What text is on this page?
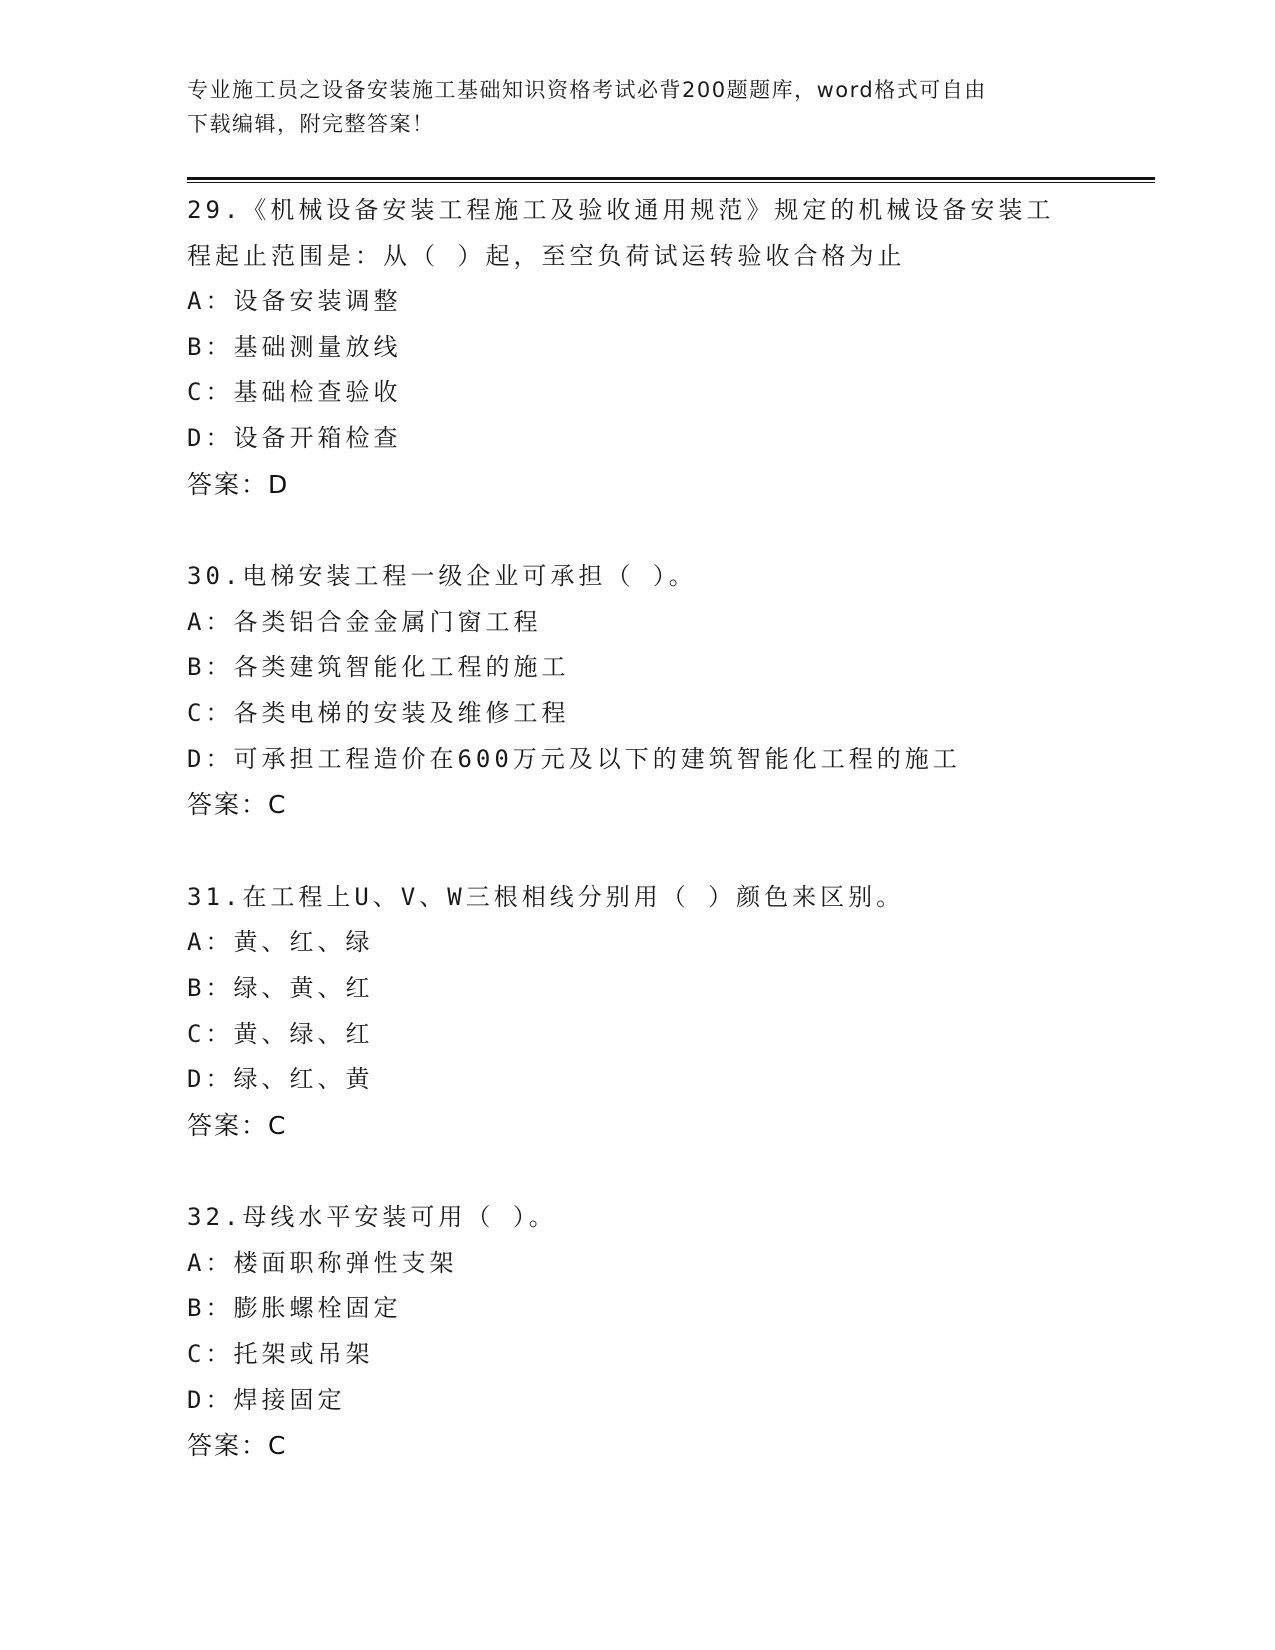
专业施工员之设备安装施工基础知识资格考试必背200题题库，word格式可自由
下载编辑，附完整答案！
29.《机械设备安装工程施工及验收通用规范》规定的机械设备安装工
程起止范围是：从（ ）起，至空负荷试运转验收合格为止
A：设备安装调整
B：基础测量放线
C：基础检查验收
D：设备开箱检查
答案：D
30.电梯安装工程一级企业可承担（ ）。
A：各类铝合金金属门窗工程
B：各类建筑智能化工程的施工
C：各类电梯的安装及维修工程
D：可承担工程造价在600万元及以下的建筑智能化工程的施工
答案：C
31.在工程上U、V、W三根相线分别用（ ）颜色来区别。
A：黄、红、绿
B：绿、黄、红
C：黄、绿、红
D：绿、红、黄
答案：C
32.母线水平安装可用（ ）。
A：楼面职称弹性支架
B：膨胀螺栓固定
C：托架或吊架
D：焊接固定
答案：C
